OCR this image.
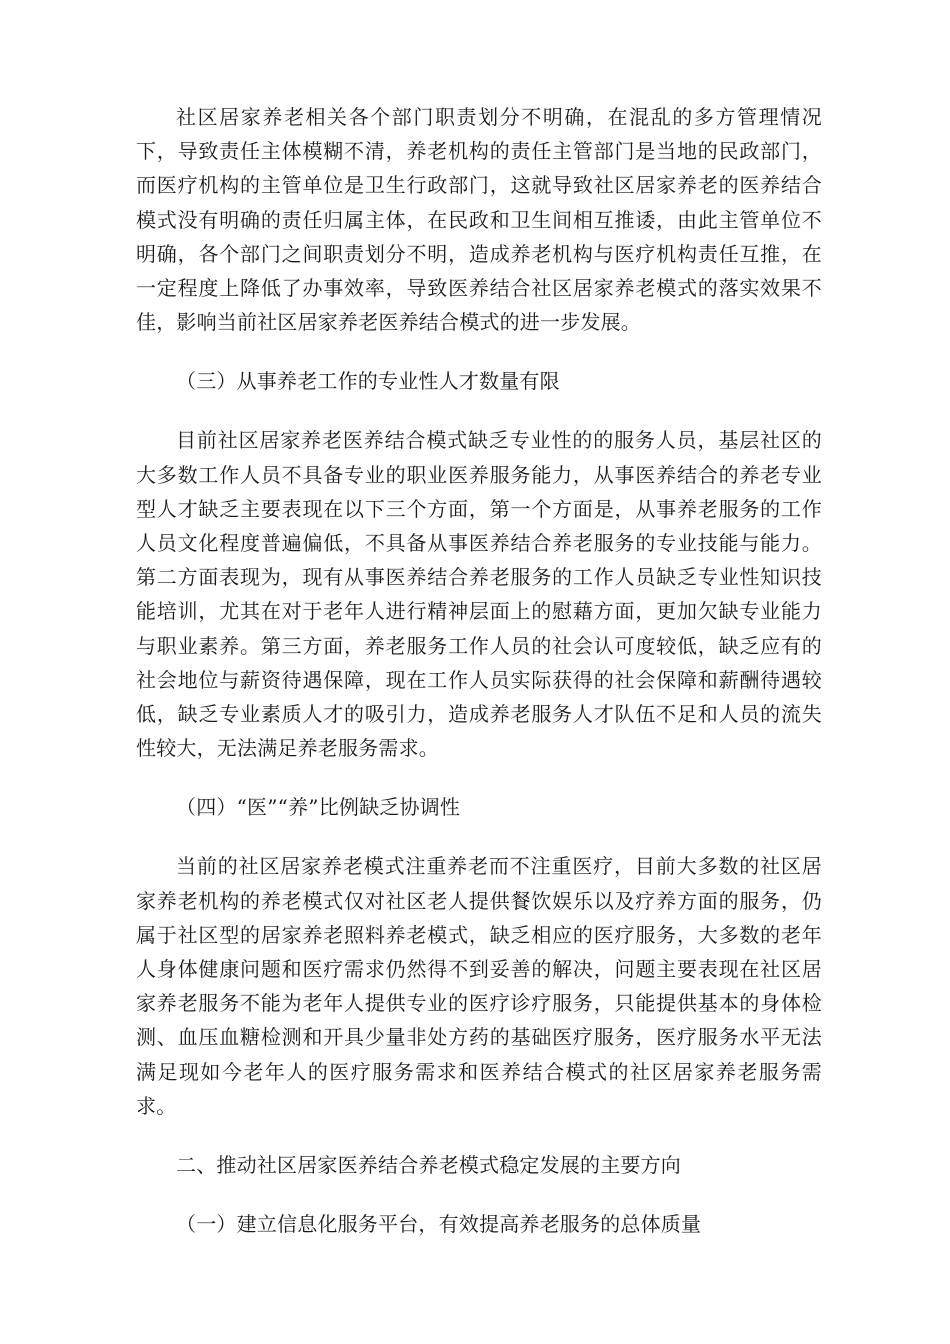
社区居家养老相关各个部门职责划分不明确，在混乱的多方管理情况下，导致责任主体模糊不清，养老机构的责任主管部门是当地的民政部门，而医疗机构的主管单位是卫生行政部门，这就导致社区居家养老的医养结合模式没有明确的责任归属主体，在民政和卫生间相互推诿，由此主管单位不明确，各个部门之间职责划分不明，造成养老机构与医疗机构责任互推，在一定程度上降低了办事效率，导致医养结合社区居家养老模式的落实效果不佳，影响当前社区居家养老医养结合模式的进一步发展。

（三）从事养老工作的专业性人才数量有限

目前社区居家养老医养结合模式缺乏专业性的的服务人员，基层社区的大多数工作人员不具备专业的职业医养服务能力，从事医养结合的养老专业型人才缺乏主要表现在以下三个方面，第一个方面是，从事养老服务的工作人员文化程度普遍偏低，不具备从事医养结合养老服务的专业技能与能力。第二方面表现为，现有从事医养结合养老服务的工作人员缺乏专业性知识技能培训，尤其在对于老年人进行精神层面上的慰藉方面，更加欠缺专业能力与职业素养。第三方面，养老服务工作人员的社会认可度较低，缺乏应有的社会地位与薪资待遇保障，现在工作人员实际获得的社会保障和薪酬待遇较低，缺乏专业素质人才的吸引力，造成养老服务人才队伍不足和人员的流失性较大，无法满足养老服务需求。

（四）“医”“养”比例缺乏协调性

当前的社区居家养老模式注重养老而不注重医疗，目前大多数的社区居家养老机构的养老模式仅对社区老人提供餐饮娱乐以及疗养方面的服务，仍属于社区型的居家养老照料养老模式，缺乏相应的医疗服务，大多数的老年人身体健康问题和医疗需求仍然得不到妥善的解决，问题主要表现在社区居家养老服务不能为老年人提供专业的医疗诊疗服务，只能提供基本的身体检测、血压血糖检测和开具少量非处方药的基础医疗服务，医疗服务水平无法满足现如今老年人的医疗服务需求和医养结合模式的社区居家养老服务需求。

二、推动社区居家医养结合养老模式稳定发展的主要方向

（一）建立信息化服务平台，有效提高养老服务的总体质量
